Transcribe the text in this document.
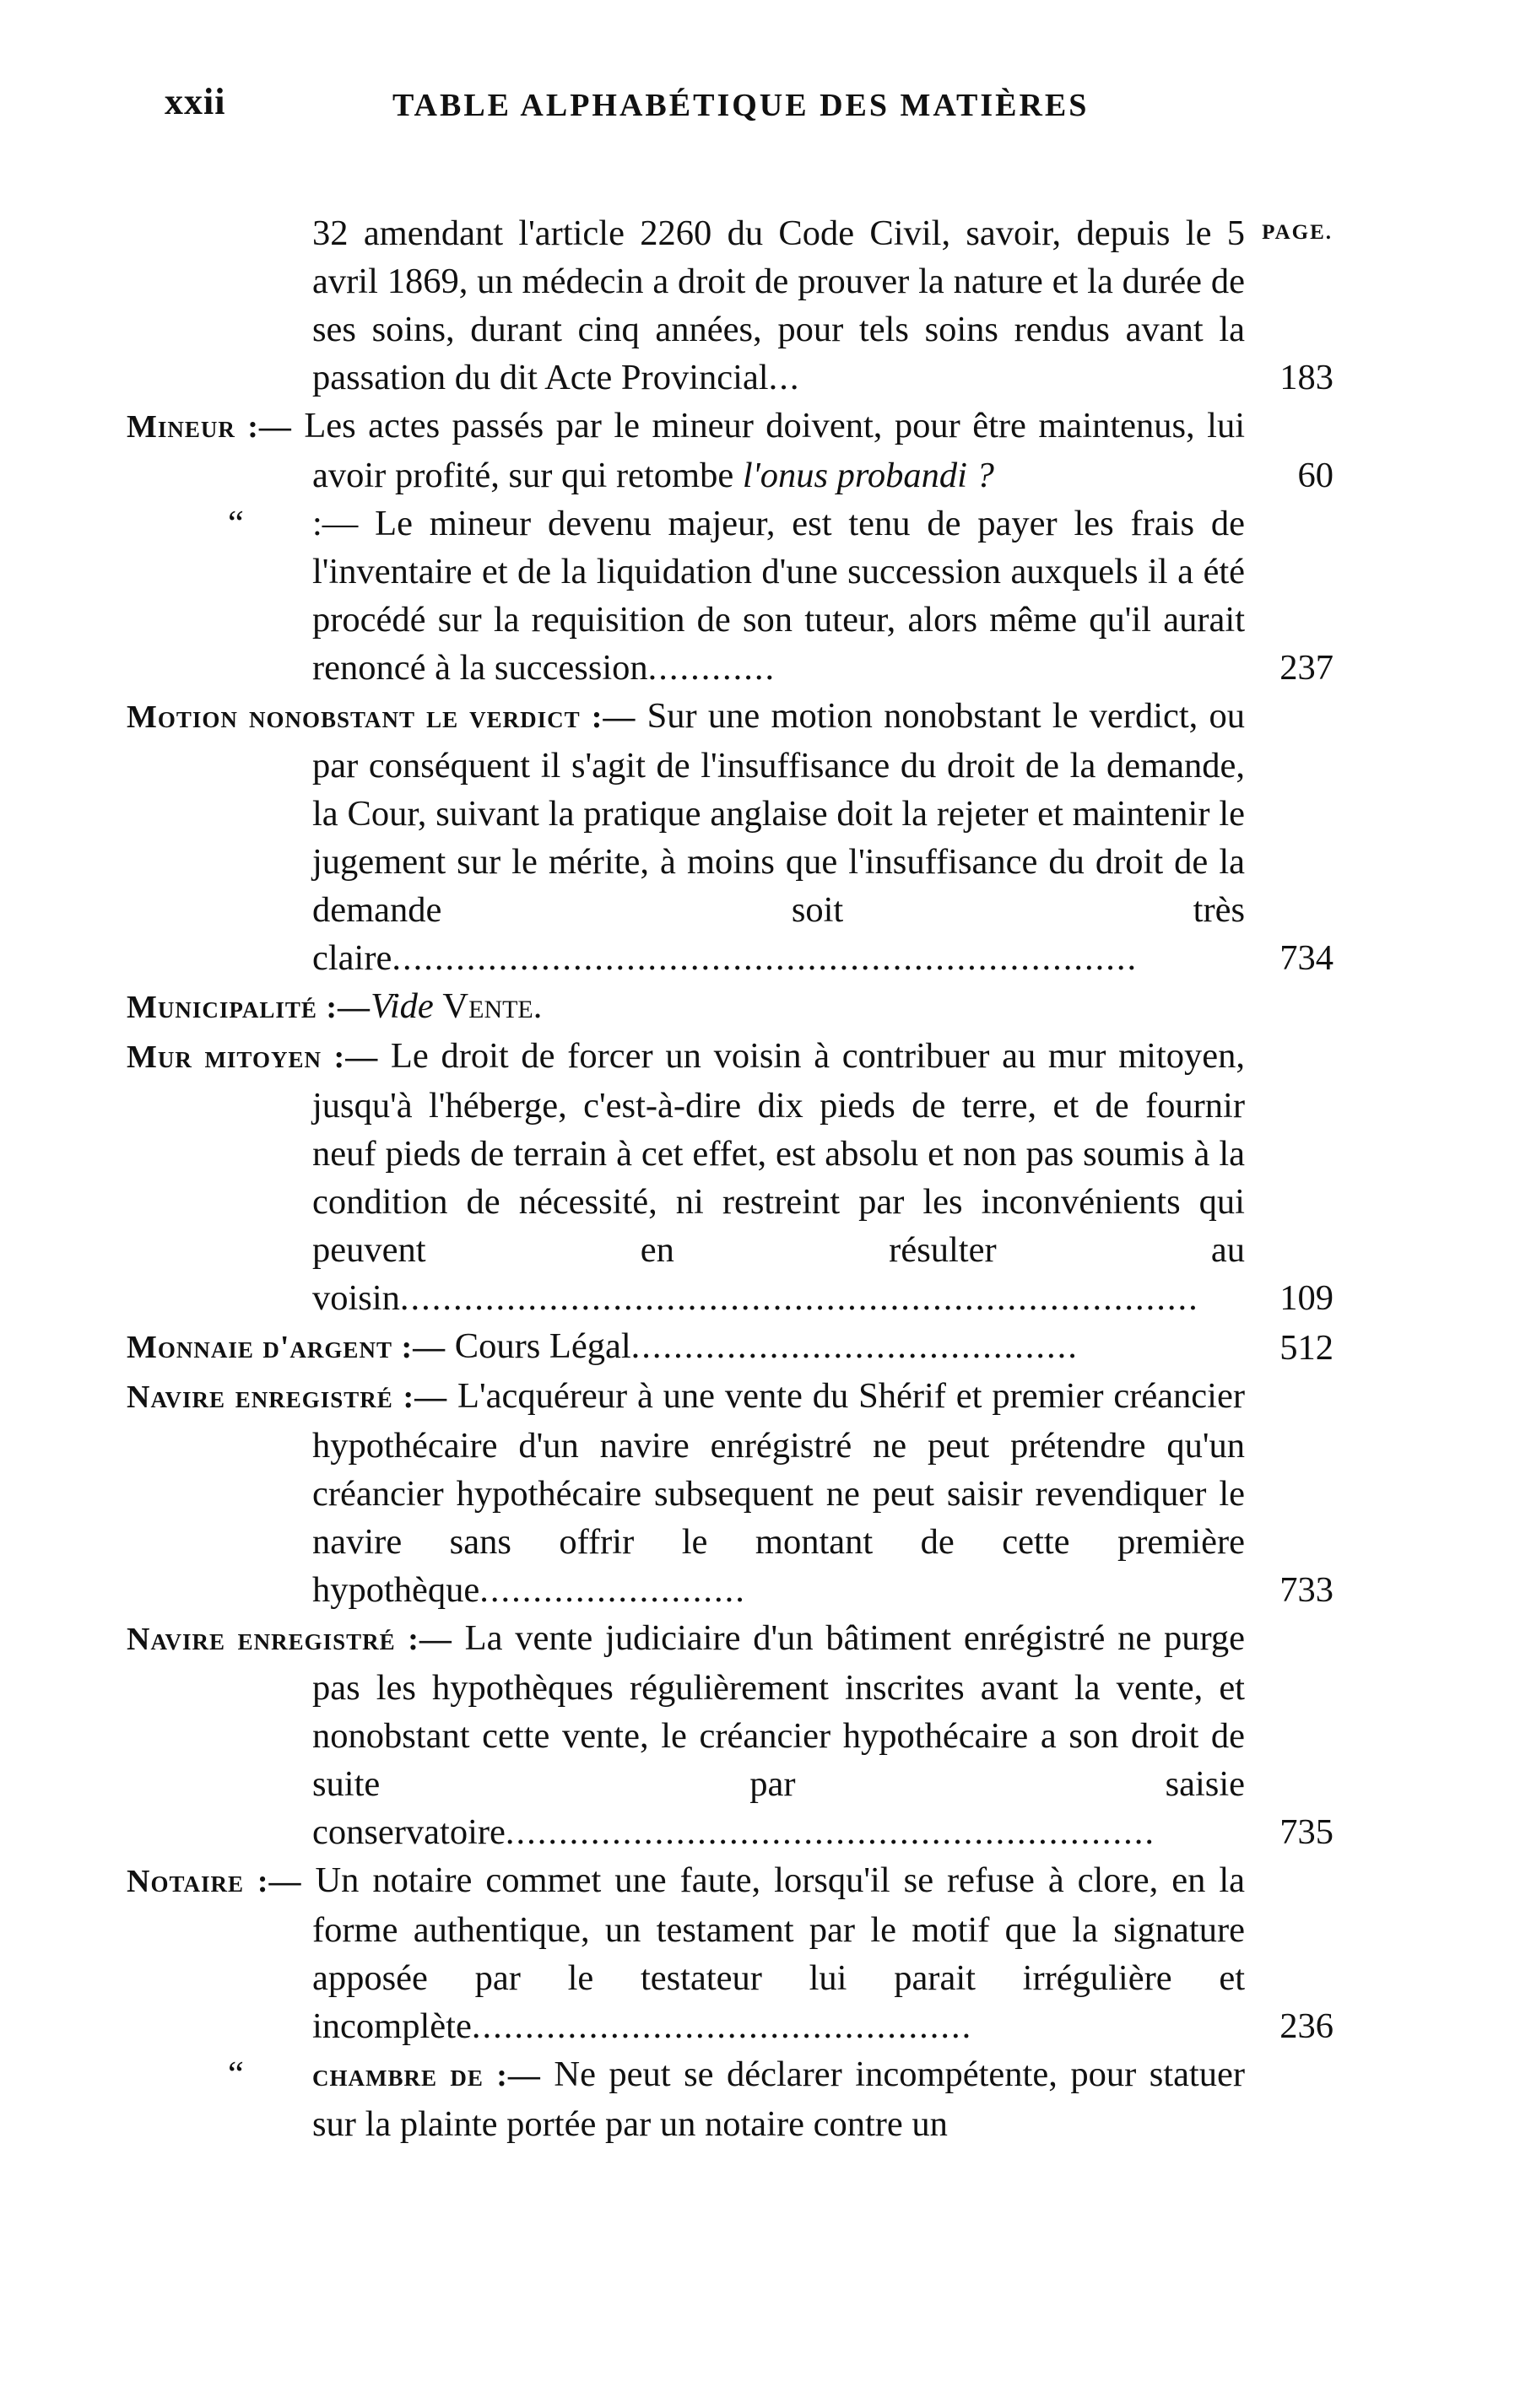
xxii	TABLE ALPHABÉTIQUE DES MATIÈRES
PAGE.

32 amendant l'article 2260 du Code Civil, savoir, depuis le 5 avril 1869, un médecin a droit de prouver la nature et la durée de ses soins, durant cinq années, pour tels soins rendus avant la passation du dit Acte Provincial...	183

Mineur :— Les actes passés par le mineur doivent, pour être maintenus, lui avoir profité, sur qui retombe l'onus probandi ?	60

“ :— Le mineur devenu majeur, est tenu de payer les frais de l'inventaire et de la liquidation d'une succession auxquels il a été procédé sur la requisition de son tuteur, alors même qu'il aurait renoncé à la succession............	237

Motion nonobstant le verdict :— Sur une motion nonobstant le verdict, ou par conséquent il s'agit de l'insuffisance du droit de la demande, la Cour, suivant la pratique anglaise doit la rejeter et maintenir le jugement sur le mérite, à moins que l'insuffisance du droit de la demande soit très claire......................................................................	734

Municipalité :—Vide Vente.

Mur mitoyen :— Le droit de forcer un voisin à contribuer au mur mitoyen, jusqu'à l'héberge, c'est-à-dire dix pieds de terre, et de fournir neuf pieds de terrain à cet effet, est absolu et non pas soumis à la condition de nécessité, ni restreint par les inconvénients qui peuvent en résulter au voisin...........................................................................	109

Monnaie d'argent :— Cours Légal..........................................	512

Navire enregistré :— L'acquéreur à une vente du Shérif et premier créancier hypothécaire d'un navire enrégistré ne peut prétendre qu'un créancier hypothécaire subsequent ne peut saisir revendiquer le navire sans offrir le montant de cette première hypothèque.........................	733

Navire enregistré :— La vente judiciaire d'un bâtiment enrégistré ne purge pas les hypothèques régulièrement inscrites avant la vente, et nonobstant cette vente, le créancier hypothécaire a son droit de suite par saisie conservatoire.............................................................	735

Notaire :— Un notaire commet une faute, lorsqu'il se refuse à clore, en la forme authentique, un testament par le motif que la signature apposée par le testateur lui parait irrégulière et incomplète...............................................	236

“ chambre de :— Ne peut se déclarer incompétente, pour statuer sur la plainte portée par un notaire contre un
